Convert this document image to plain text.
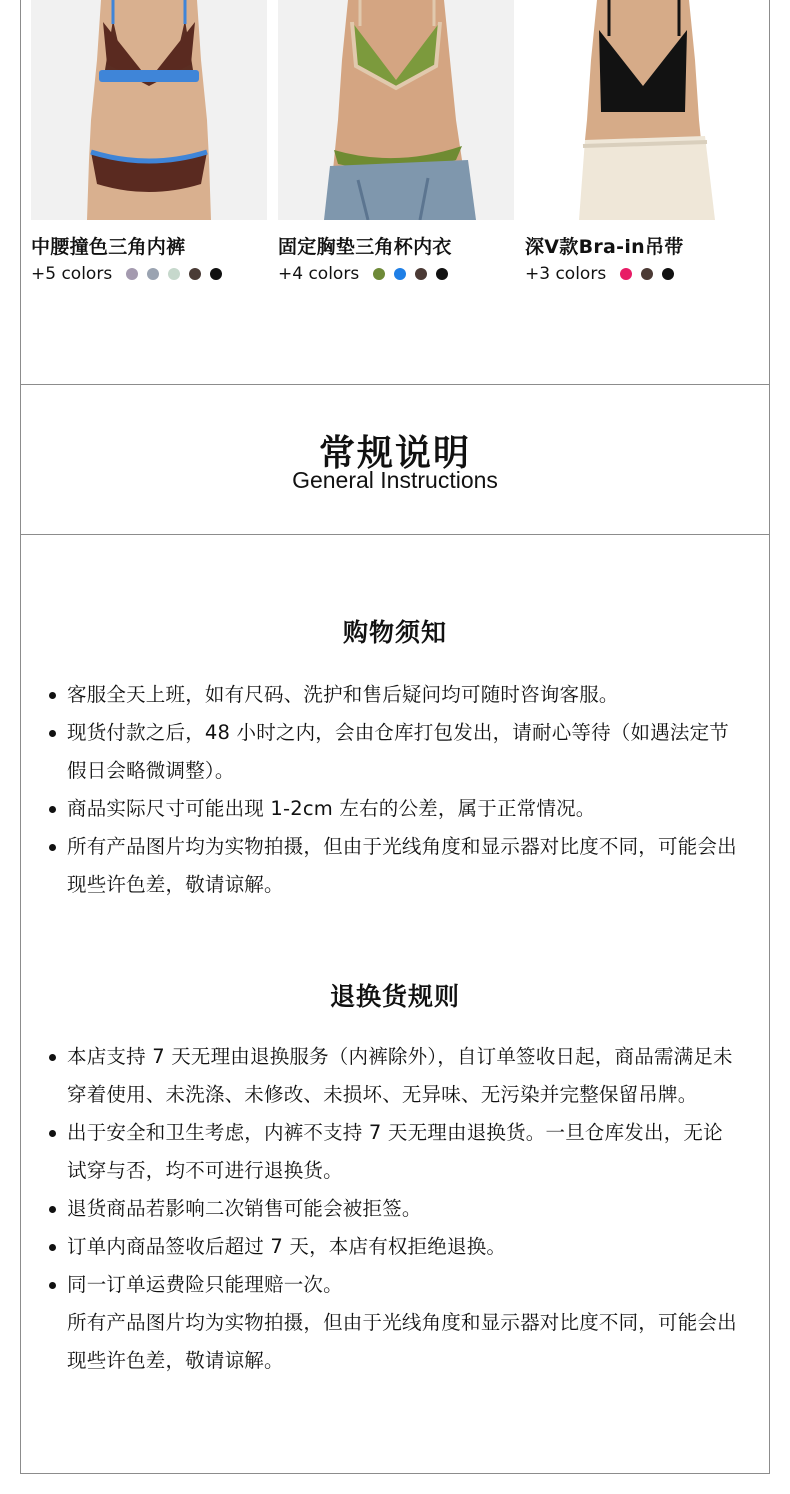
中腰撞色三角内裤
+5 colors
固定胸垫三角杯内衣
+4 colors
深V款Bra-in吊带
+3 colors
常规说明
General Instructions
购物须知
客服全天上班，如有尺码、洗护和售后疑问均可随时咨询客服。
现货付款之后，48 小时之内，会由仓库打包发出，请耐心等待（如遇法定节假日会略微调整）。
商品实际尺寸可能出现 1-2cm 左右的公差，属于正常情况。
所有产品图片均为实物拍摄，但由于光线角度和显示器对比度不同，可能会出现些许色差，敬请谅解。
退换货规则
本店支持 7 天无理由退换服务（内裤除外），自订单签收日起，商品需满足未穿着使用、未洗涤、未修改、未损坏、无异味、无污染并完整保留吊牌。
出于安全和卫生考虑，内裤不支持 7 天无理由退换货。一旦仓库发出，无论试穿与否，均不可进行退换货。
退货商品若影响二次销售可能会被拒签。
订单内商品签收后超过 7 天，本店有权拒绝退换。
同一订单运费险只能理赔一次。
所有产品图片均为实物拍摄，但由于光线角度和显示器对比度不同，可能会出现些许色差，敬请谅解。
